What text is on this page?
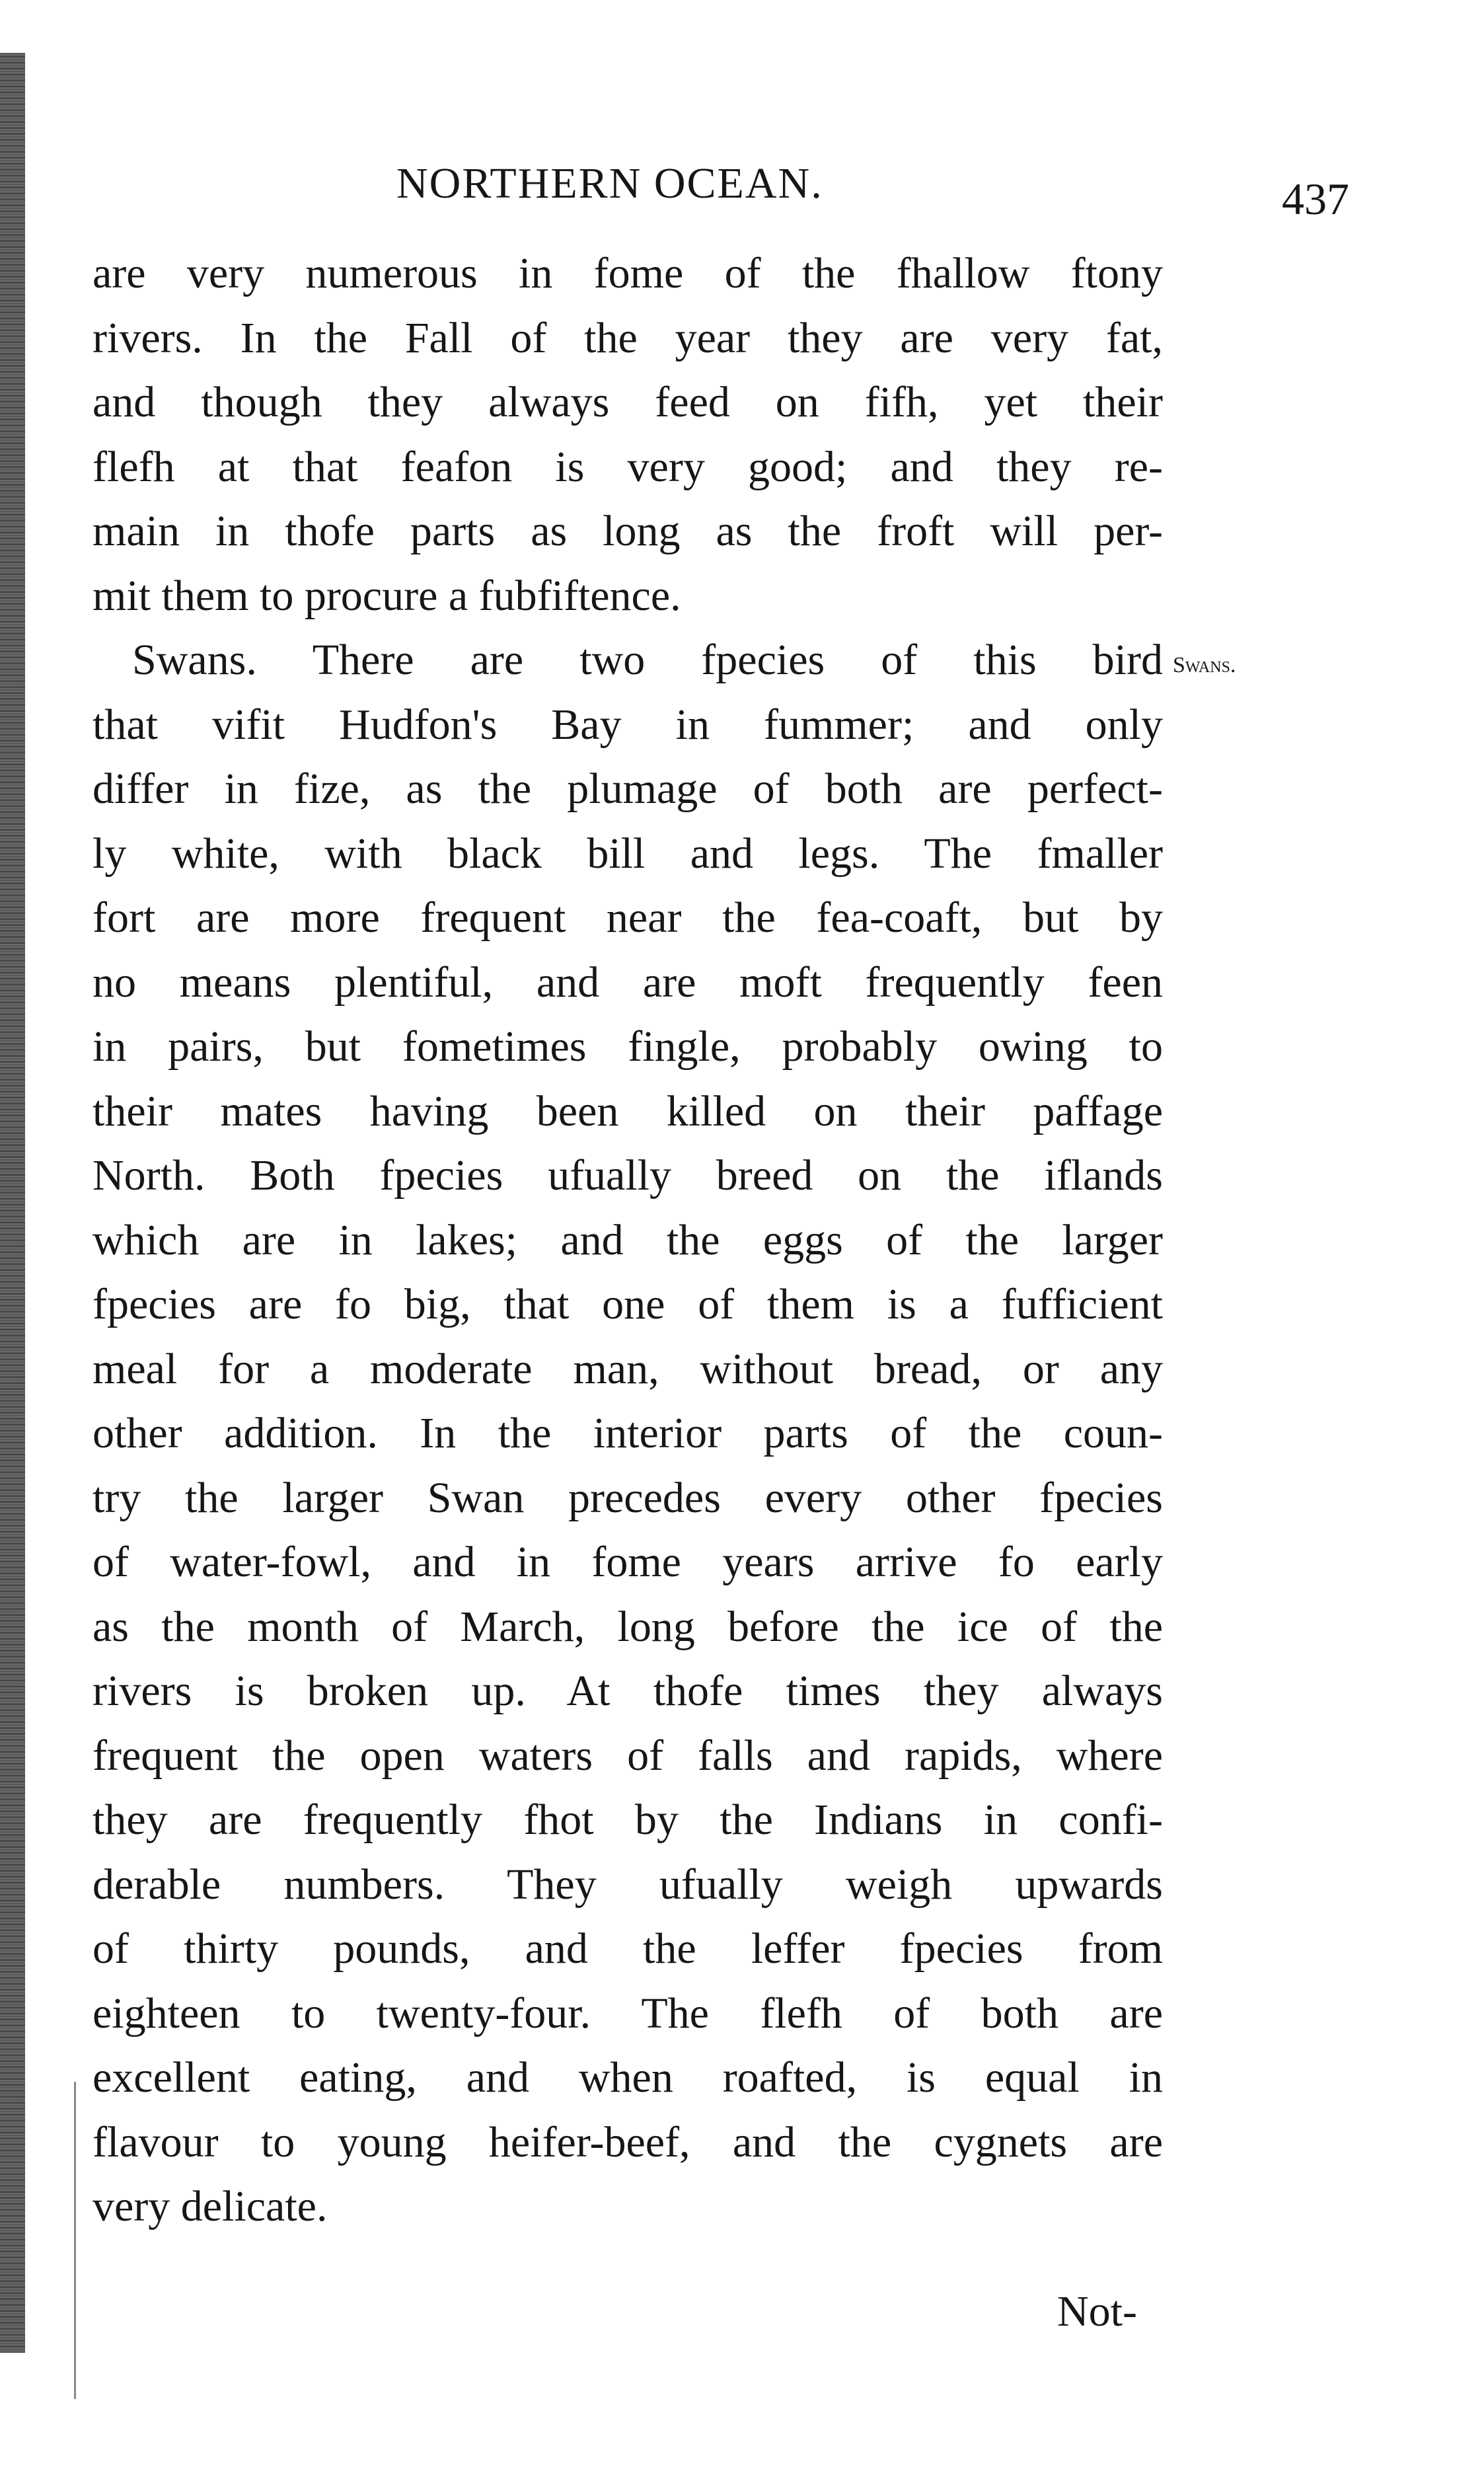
NORTHERN OCEAN.	437
are very numerous in fome of the fhallow ftony
rivers. In the Fall of the year they are very fat,
and though they always feed on fifh, yet their
flefh at that feafon is very good; and they re-
main in thofe parts as long as the froft will per-
mit them to procure a fubfiftence.
Swans. There are two fpecies of this bird
that vifit Hudfon's Bay in fummer; and only
differ in fize, as the plumage of both are perfect-
ly white, with black bill and legs. The fmaller
fort are more frequent near the fea-coaft, but by
no means plentiful, and are moft frequently feen
in pairs, but fometimes fingle, probably owing to
their mates having been killed on their paffage
North. Both fpecies ufually breed on the iflands
which are in lakes; and the eggs of the larger
fpecies are fo big, that one of them is a fufficient
meal for a moderate man, without bread, or any
other addition. In the interior parts of the coun-
try the larger Swan precedes every other fpecies
of water-fowl, and in fome years arrive fo early
as the month of March, long before the ice of the
rivers is broken up. At thofe times they always
frequent the open waters of falls and rapids, where
they are frequently fhot by the Indians in confi-
derable numbers. They ufually weigh upwards
of thirty pounds, and the leffer fpecies from
eighteen to twenty-four. The flefh of both are
excellent eating, and when roafted, is equal in
flavour to young heifer-beef, and the cygnets are
very delicate.
Swans.
Not-
